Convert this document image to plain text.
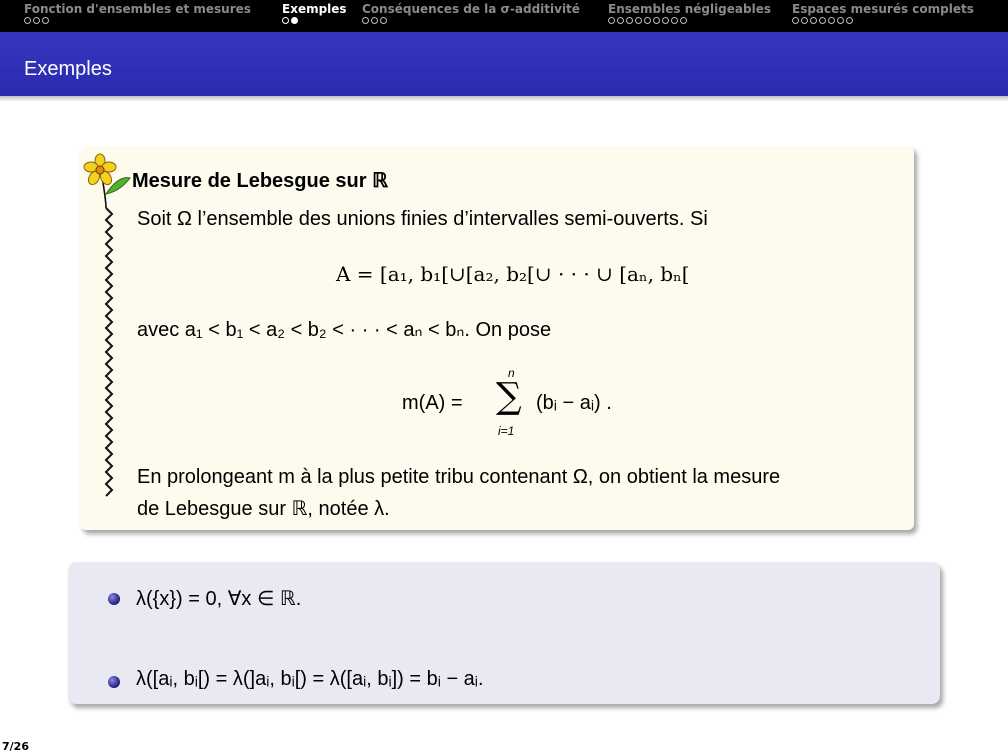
Fonction d'ensembles et mesures	Exemples Conséquences de la σ-additivité Ensembles négligeables Espaces mesurés complets
Exemples
Mesure de Lebesgue sur ℝ
Soit Ω l’ensemble des unions finies d’intervalles semi-ouverts. Si
A = [a₁, b₁[∪[a₂, b₂[∪ · · · ∪ [aₙ, bₙ[
avec a₁ < b₁ < a₂ < b₂ < · · · < aₙ < bₙ. On pose
m(A) =
n
∑
i=1
(bᵢ − aᵢ) .
En prolongeant m à la plus petite tribu contenant Ω, on obtient la mesure
de Lebesgue sur ℝ, notée λ.
λ({x}) = 0, ∀x ∈ ℝ.
λ([aᵢ, bᵢ[) = λ(]aᵢ, bᵢ[) = λ([aᵢ, bᵢ]) = bᵢ − aᵢ.
7/26
